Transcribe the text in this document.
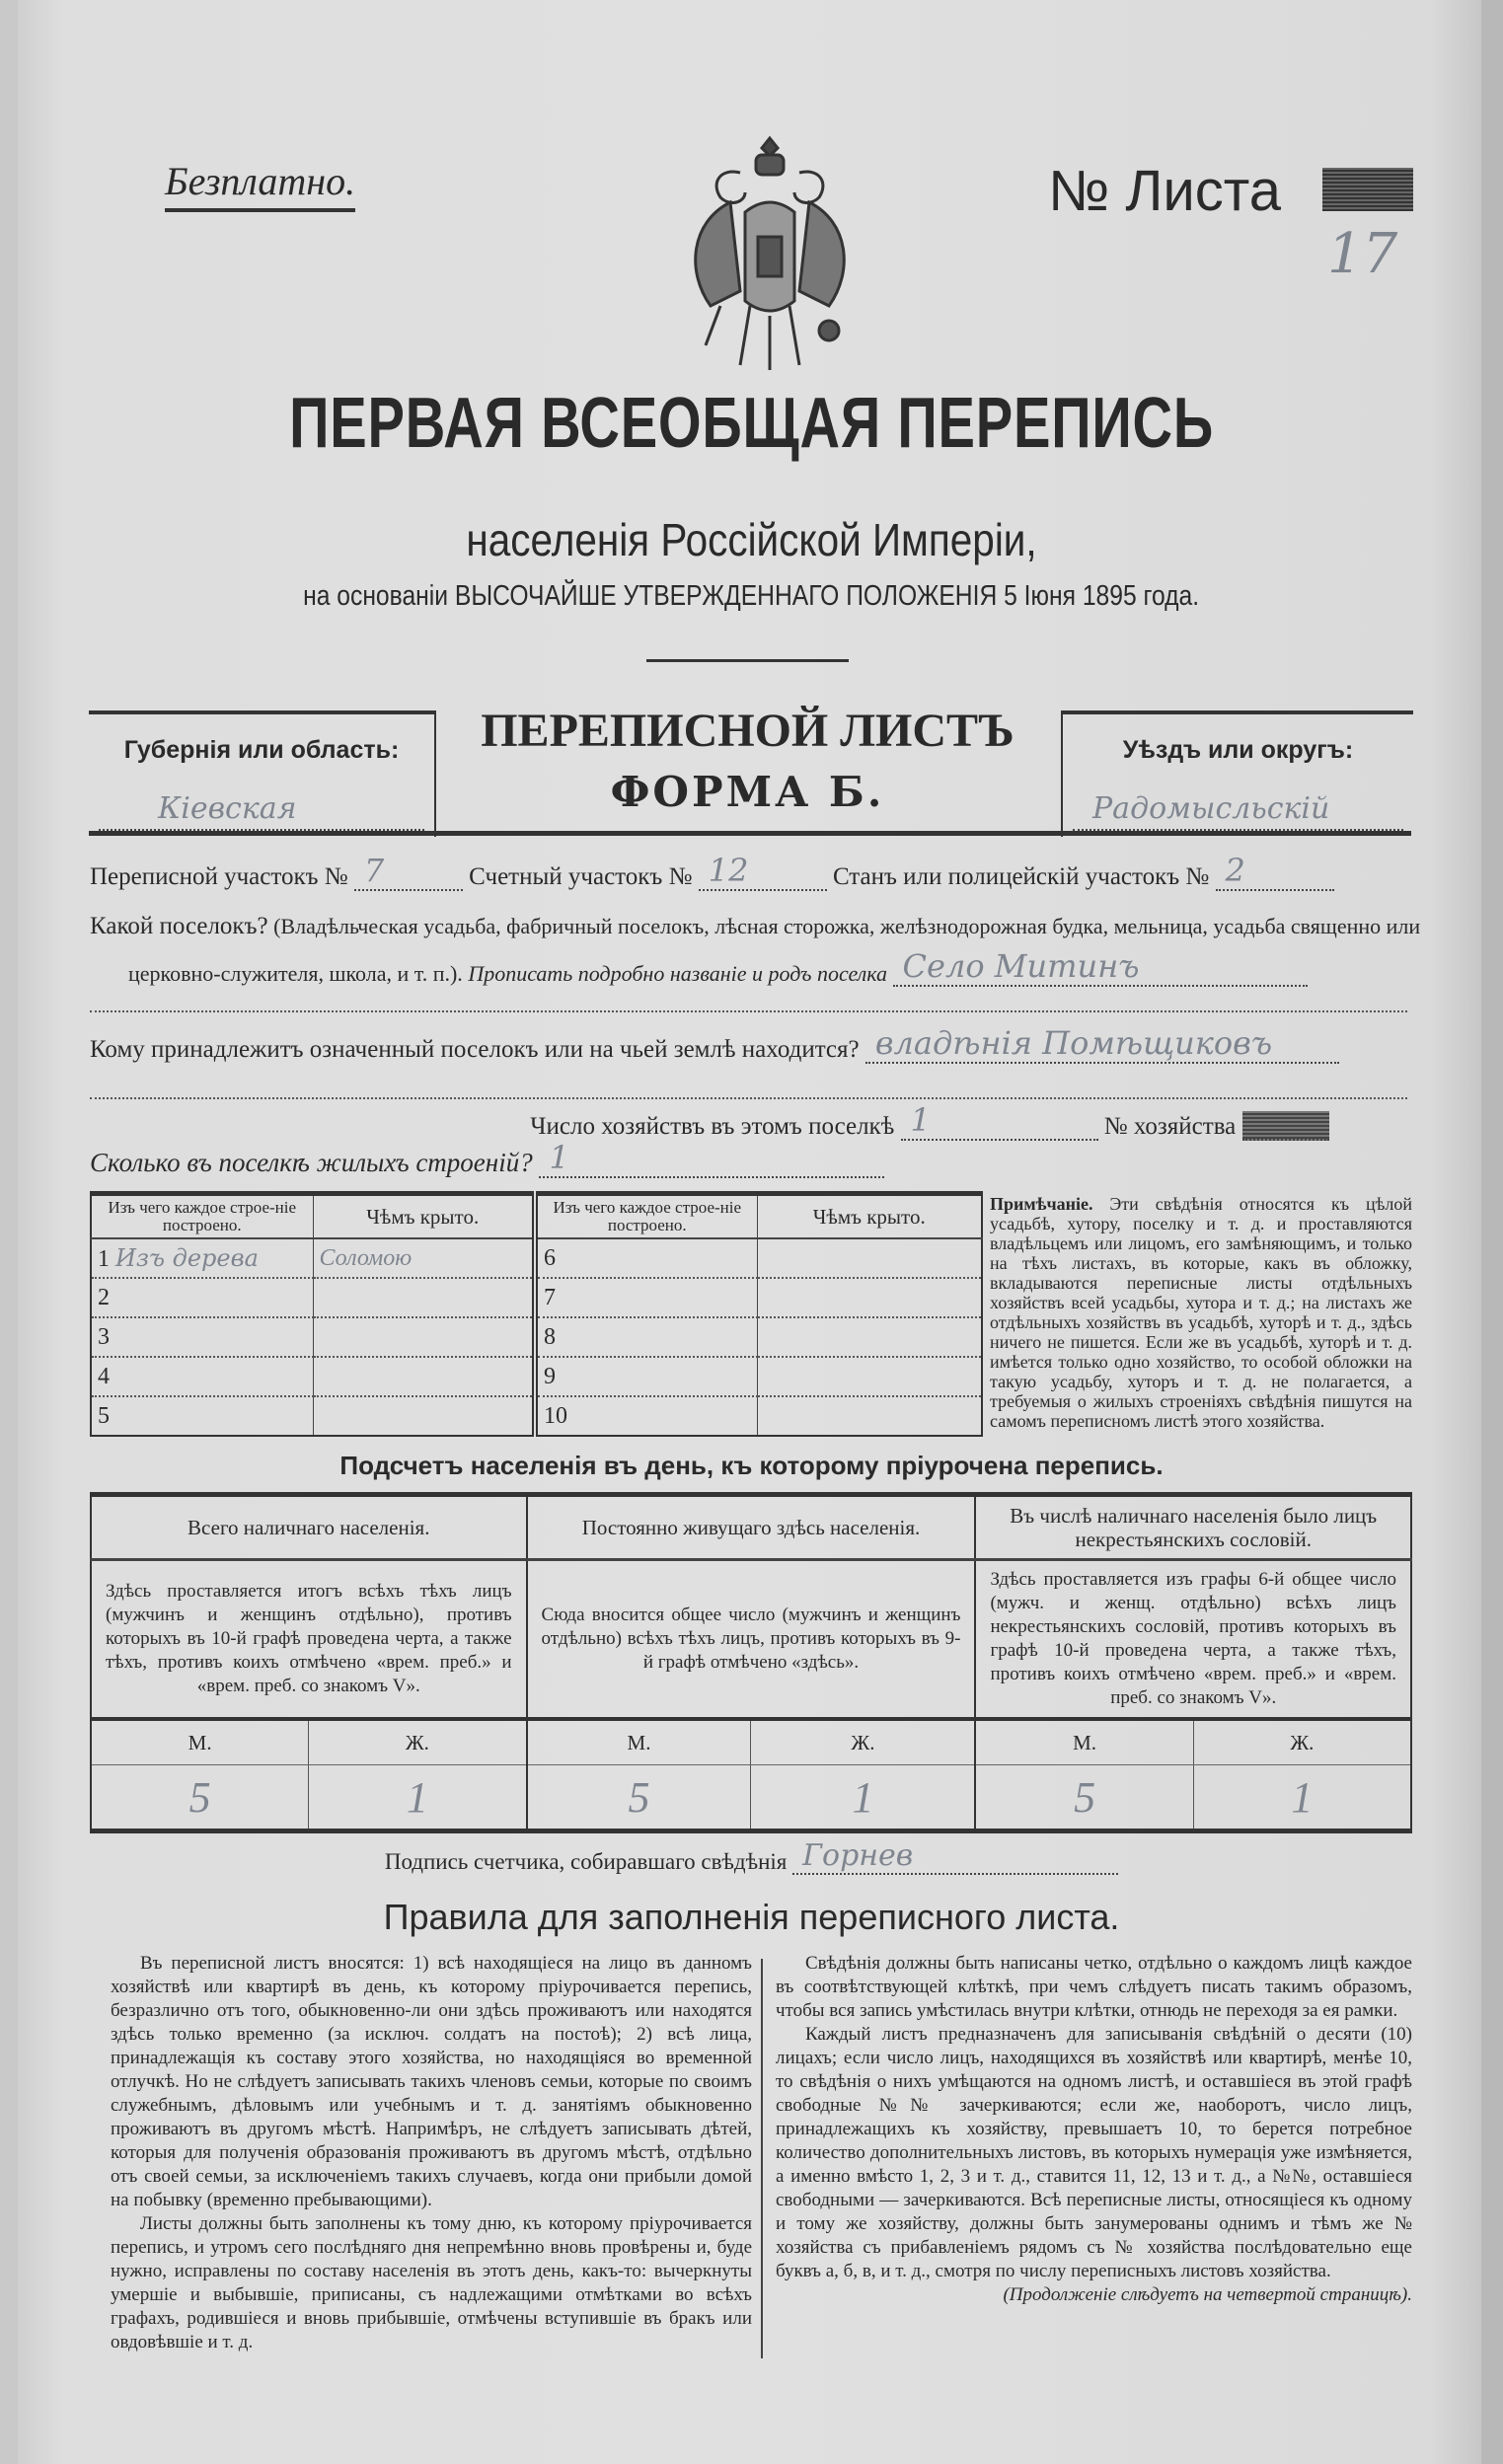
Безплатно.	№ Листа
17
ПЕРВАЯ ВСЕОБЩАЯ ПЕРЕПИСЬ
населенія Россійской Имперіи,
на основаніи ВЫСОЧАЙШЕ УТВЕРЖДЕННАГО ПОЛОЖЕНІЯ 5 Іюня 1895 года.
Губернія или область:
Кіевская
ПЕРЕПИСНОЙ ЛИСТЪ
ФОРМА Б.
Уѣздъ или округъ:
Радомысльскій
Переписной участокъ № 7	Счетный участокъ № 12	Станъ или полицейскій участокъ № 2
Какой поселокъ? (Владѣльческая усадьба, фабричный поселокъ, лѣсная сторожка, желѣзнодорожная будка, мельница, усадьба священно или
церковно-служителя, школа, и т. п.). Прописать подробно названіе и родъ поселка Село Митинъ
Кому принадлежитъ означенный поселокъ или на чьей землѣ находится? владѣнія Помѣщиковъ
Число хозяйствъ въ этомъ поселкѣ 1	№ хозяйства
Сколько въ поселкѣ жилыхъ строеній? 1
Изъ чего каждое строе-ніе построено.	Чѣмъ крыто.	Изъ чего каждое строе-ніе построено.	Чѣмъ крыто.
1 Изъ дерева	Соломою	6	
2		7	
3		8	
4		9	
5		10	
Примѣчаніе. Эти свѣдѣнія относятся къ цѣлой усадьбѣ, хутору, поселку и т. д. и проставляются владѣльцемъ или лицомъ, его замѣняющимъ, и только на тѣхъ листахъ, въ которые, какъ въ обложку, вкладываются переписные листы отдѣльныхъ хозяйствъ всей усадьбы, хутора и т. д.; на листахъ же отдѣльныхъ хозяйствъ въ усадьбѣ, хуторѣ и т. д., здѣсь ничего не пишется. Если же въ усадьбѣ, хуторѣ и т. д. имѣется только одно хозяйство, то особой обложки на такую усадьбу, хуторъ и т. д. не полагается, а требуемыя о жилыхъ строеніяхъ свѣдѣнія пишутся на самомъ переписномъ листѣ этого хозяйства.
Подсчетъ населенія въ день, къ которому пріурочена перепись.
Всего наличнаго населенія.		Постоянно живущаго здѣсь населенія.		Въ числѣ наличнаго населенія было лицъ некрестьянскихъ сословій.	
Здѣсь проставляется итогъ всѣхъ тѣхъ лицъ (мужчинъ и женщинъ отдѣльно), противъ которыхъ въ 10-й графѣ проведена черта, а также тѣхъ, противъ коихъ отмѣчено «врем. преб.» и «врем. преб. со знакомъ V».		Сюда вносится общее число (мужчинъ и женщинъ отдѣльно) всѣхъ тѣхъ лицъ, противъ которыхъ въ 9-й графѣ отмѣчено «здѣсь».		Здѣсь проставляется изъ графы 6-й общее число (мужч. и женщ. отдѣльно) всѣхъ лицъ некрестьянскихъ сословій, противъ которыхъ въ графѣ 10-й проведена черта, а также тѣхъ, противъ коихъ отмѣчено «врем. преб.» и «врем. преб. со знакомъ V».	
М.	Ж.	М.	Ж.	М.	Ж.
5	1	5	1	5	1
Подпись счетчика, собиравшаго свѣдѣнія Горнев
Правила для заполненія переписного листа.

Въ переписной листъ вносятся: 1) всѣ находящіеся на лицо въ данномъ хозяйствѣ или квартирѣ въ день, къ которому пріурочивается перепись, безразлично отъ того, обыкновенно-ли они здѣсь проживаютъ или находятся здѣсь только временно (за исключ. солдатъ на постоѣ); 2) всѣ лица, принадлежащія къ составу этого хозяйства, но находящіяся во временной отлучкѣ. Но не слѣдуетъ записывать такихъ членовъ семьи, которые по своимъ служебнымъ, дѣловымъ или учебнымъ и т. д. занятіямъ обыкновенно проживаютъ въ другомъ мѣстѣ. Напримѣръ, не слѣдуетъ записывать дѣтей, которыя для полученія образованія проживаютъ въ другомъ мѣстѣ, отдѣльно отъ своей семьи, за исключеніемъ такихъ случаевъ, когда они прибыли домой на побывку (временно пребывающими).

Листы должны быть заполнены къ тому дню, къ которому пріурочивается перепись, и утромъ сего послѣдняго дня непремѣнно вновь провѣрены и, буде нужно, исправлены по составу населенія въ этотъ день, какъ-то: вычеркнуты умершіе и выбывшіе, приписаны, съ надлежащими отмѣтками во всѣхъ графахъ, родившіеся и вновь прибывшіе, отмѣчены вступившіе въ бракъ или овдовѣвшіе и т. д.

Свѣдѣнія должны быть написаны четко, отдѣльно о каждомъ лицѣ каждое въ соотвѣтствующей клѣткѣ, при чемъ слѣдуетъ писать такимъ образомъ, чтобы вся запись умѣстилась внутри клѣтки, отнюдь не переходя за ея рамки.

Каждый листъ предназначенъ для записыванія свѣдѣній о десяти (10) лицахъ; если число лицъ, находящихся въ хозяйствѣ или квартирѣ, менѣе 10, то свѣдѣнія о нихъ умѣщаются на одномъ листѣ, и оставшіеся въ этой графѣ свободные №№ зачеркиваются; если же, наоборотъ, число лицъ, принадлежащихъ къ хозяйству, превышаетъ 10, то берется потребное количество дополнительныхъ листовъ, въ которыхъ нумерація уже измѣняется, а именно вмѣсто 1, 2, 3 и т. д., ставится 11, 12, 13 и т. д., а №№, оставшіеся свободными — зачеркиваются. Всѣ переписные листы, относящіеся къ одному и тому же хозяйству, должны быть занумерованы однимъ и тѣмъ же № хозяйства съ прибавленіемъ рядомъ съ № хозяйства послѣдовательно еще буквъ а, б, в, и т. д., смотря по числу переписныхъ листовъ хозяйства.

(Продолженіе слѣдуетъ на четвертой страницѣ).
